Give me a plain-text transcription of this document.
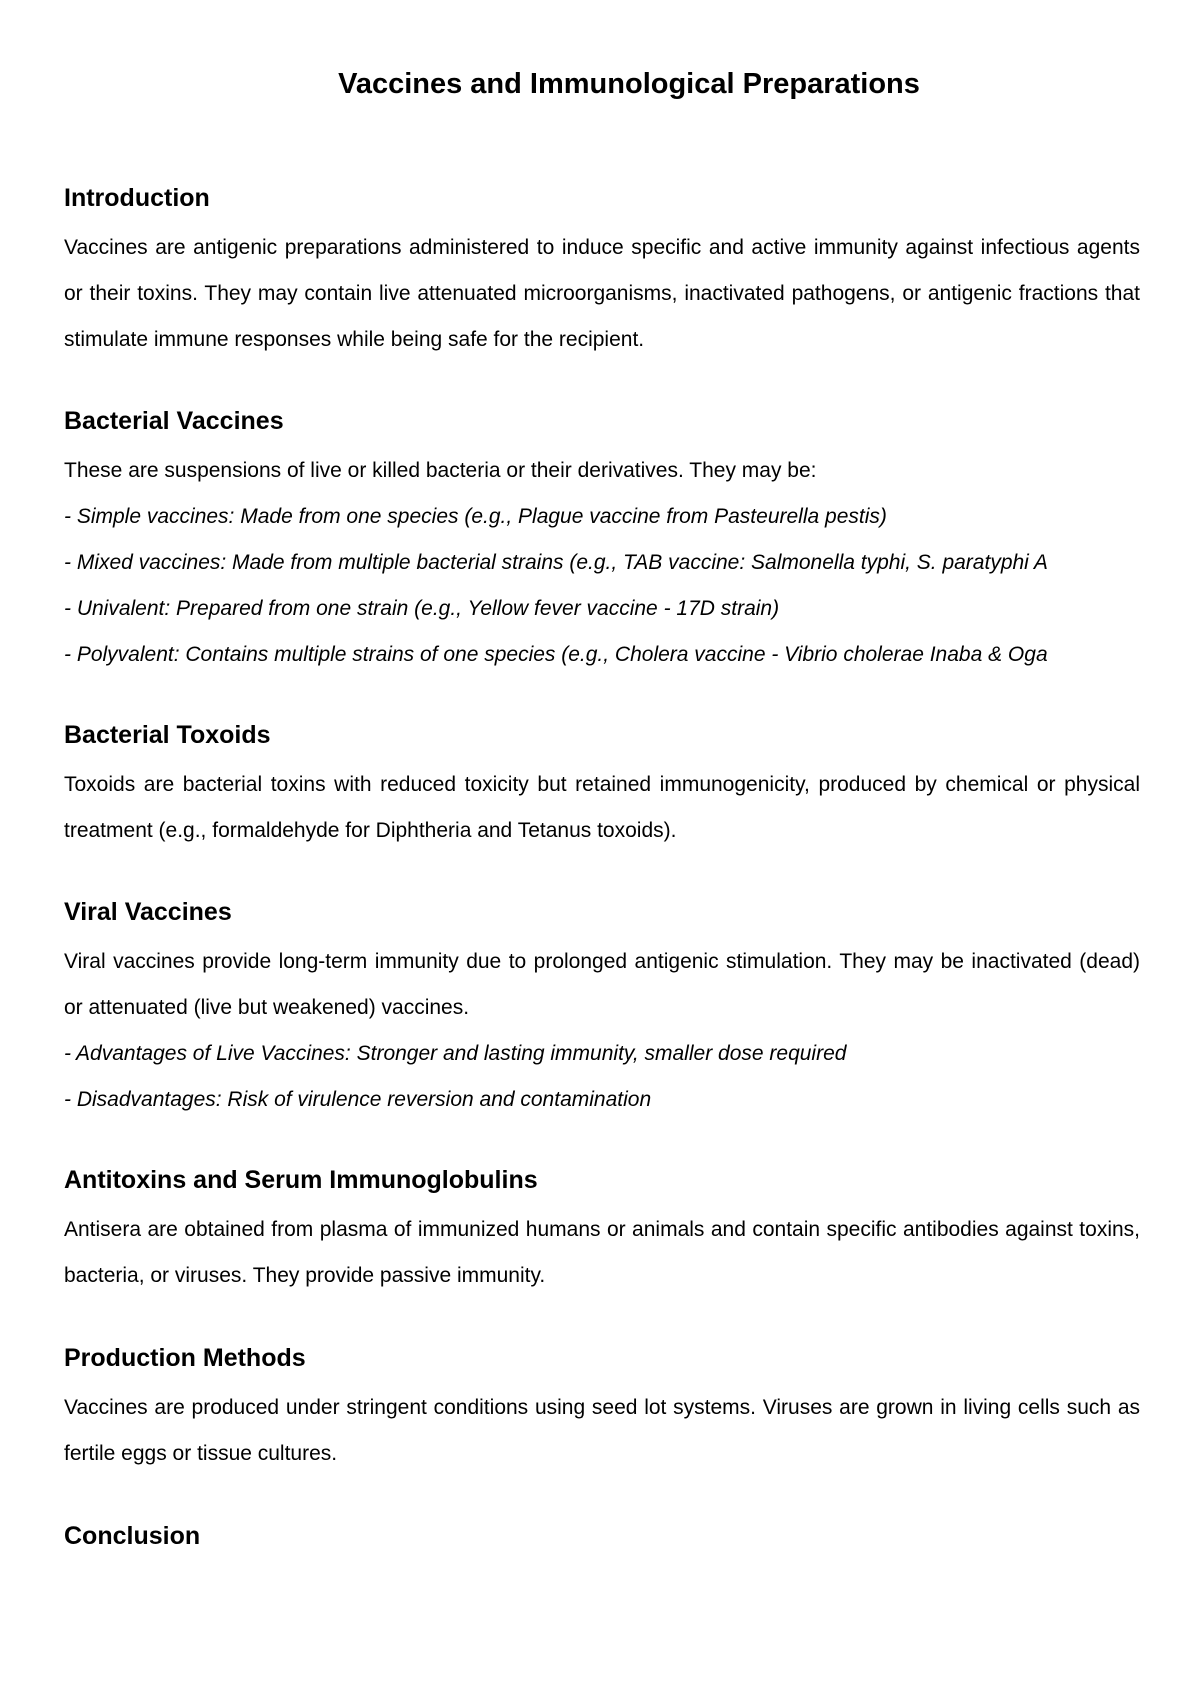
Vaccines and Immunological Preparations
Introduction

Vaccines are antigenic preparations administered to induce specific and active immunity against infectious agents or their toxins. They may contain live attenuated microorganisms, inactivated pathogens, or antigenic fractions that stimulate immune responses while being safe for the recipient.

Bacterial Vaccines

These are suspensions of live or killed bacteria or their derivatives. They may be:

- Simple vaccines: Made from one species (e.g., Plague vaccine from Pasteurella pestis)

- Mixed vaccines: Made from multiple bacterial strains (e.g., TAB vaccine: Salmonella typhi, S. paratyphi A

- Univalent: Prepared from one strain (e.g., Yellow fever vaccine - 17D strain)

- Polyvalent: Contains multiple strains of one species (e.g., Cholera vaccine - Vibrio cholerae Inaba & Oga

Bacterial Toxoids

Toxoids are bacterial toxins with reduced toxicity but retained immunogenicity, produced by chemical or physical treatment (e.g., formaldehyde for Diphtheria and Tetanus toxoids).

Viral Vaccines

Viral vaccines provide long-term immunity due to prolonged antigenic stimulation. They may be inactivated (dead) or attenuated (live but weakened) vaccines.

- Advantages of Live Vaccines: Stronger and lasting immunity, smaller dose required

- Disadvantages: Risk of virulence reversion and contamination

Antitoxins and Serum Immunoglobulins

Antisera are obtained from plasma of immunized humans or animals and contain specific antibodies against toxins, bacteria, or viruses. They provide passive immunity.

Production Methods

Vaccines are produced under stringent conditions using seed lot systems. Viruses are grown in living cells such as fertile eggs or tissue cultures.

Conclusion
